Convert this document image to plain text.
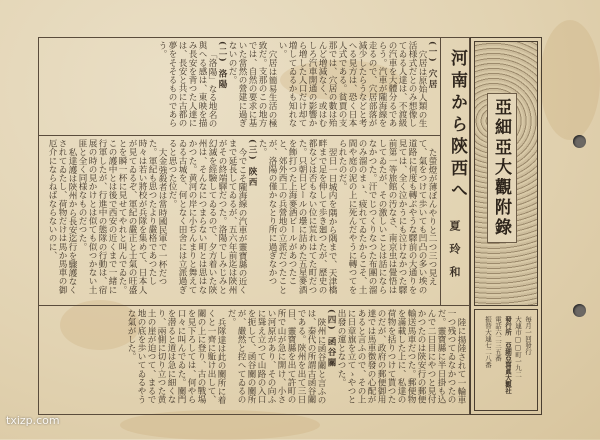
河南から陝西へ
夏玲和
(一) 穴居

穴居は原始人類の生活様式だとのみ想像してゐる人達は、不渡級の汽車を大體分るであらう。汽車が隴海線を走るので、穴居部落が減少したらうなどと考へる見方は、恐く日本人式である。貧賈の支那では、穴居の數は殆んど増減なく、或はむしろ汽車開通の影響から増した人口だけ却て増してゐるかも知れない。

穴居は簡易生活の極致だ。支那のこの地方では、自然の要求に基いた當然の營建に過ぎないのだ。

(二) 洛陽

「洛陽」なる地名の與へる感は、東映を描み長安を背つた人達には、長安と共に古都の夢をそそるものであらう。

た螢燈が薄ぼんやりと二つ三つ見えて、氣をつけて歩いても凹凸の多い埃の道路に何度も轉ぶやうな驛前の大通りを見ては、全く泣かうにも泣けなかつた驛前第一等旅館の汚なさ、南京虫は覺悟はしてゐたが、その激しいことは話にならなかつた。汗でじつくりなつた布團の溜のみ溜のまゝ、疲れてゐたからこそ、土間や庭の泥の上に死んだやうに轉つてをられたのだ。

翌日一日城内を隅から隅まで、天津橋畔まで足を伸して歩き廻つたが、歷史の都などは否もない位に荒れはてた町だつた。只朝日ビールの壜に詰めた五星麥酒を飾打つた上海麥酒ビールがあつたこと、郊外西工の兵營地の立派だつたことが、洛陽の僅かなとり所に過ぎなかつた。

(三) 陝西

今でこそ隴海線の汽車が靈寶縣の近くまで延長してゐるが、五六年前迄は陝州がその終端驛だつた。洛陽でしみじみと幻滅を經驗してゐるので、夕方着いた陝州は、そんなにつまらない町とは思はなかつた。黄河の岸に小ぢんまりと舞えてゐる古城を、何となく田舍には立派過ぎると思つた位だ。

大金強殺者は當時國民軍で一杯だつた。軍紀も思つたより嚴格であつたし時々は若い將校が兵隊を集めて、日本人が見てゐるぞ、軍紀の嚴正と士氣の旺盛とを瞬一杯に見せてやれと叫んでゐた。この護中とは後で西安の近くまで一緒に行軍したが、行進中の態隊の行動は、宿展の時の見かけとは似ても似つかない土匪と全く同様なものだつた。

私達護は陝州から長安迄行を驟護なくされてゐたし、荷物だけは馬か馬車の御厄介にならねばならないのに、

陸に揚陸されて一輪車一つ残つてゐなかつたのだ。靈寶縣に半日掛も込んで二日目にやつと見付かつたのは陝安行の郵便輸送馬車だつた。郵便物を滿載した上に、私達の荷物を括りつけて貰つたのだが、政府の郵便御用達では馬車徴發の心配があると言ふので、その上に日章旗を立てゝやつと出發の運となつた。

(四) 函谷關

陝州に函谷關と言ふのは、秦代の所謂古函谷關である。陝州を出て三日目、靈寶縣を出て許町の所で山が急に開け、小さい河原があり、その向ふに聳え立つて山路の入口を扼して、函谷關の關所が、嚴然と控へてゐるのだ。

兵隊達は此の關所に着くと一齊に駈け出して、關の上に登り、古の戰場を見下ろしては、何やら口々に叫んでゐた。關門を潜ると道は急に細くなり、兩側に切り立つた黄土の崖が迫つて、まるで地の底を歩いてゐるやうな氣がした。

亞細亞大觀附錄
毎月一回發行
大連市□□町一九二
發行所　亞細亞寫眞大觀社
電話六二三五番
振替大連七二八番
txizp.com
